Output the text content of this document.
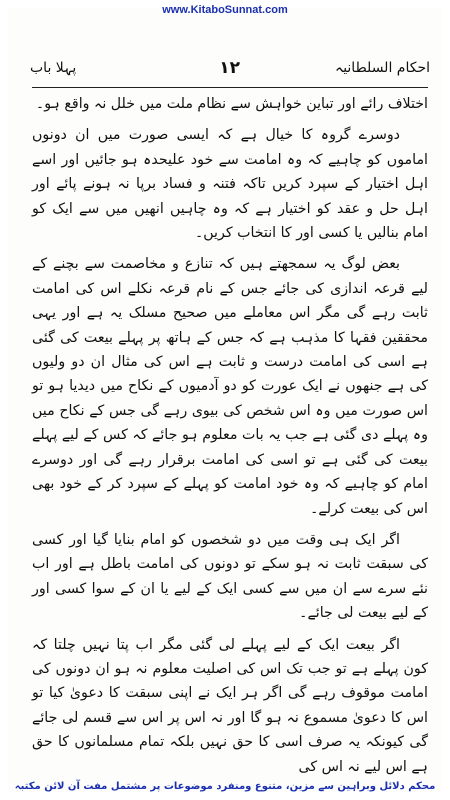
www.KitaboSunnat.com
احکام السلطانیہ
۱۲
پہلا باب

اختلاف رائے اور تباین خواہش سے نظام ملت میں خلل نہ واقع ہو۔

دوسرے گروہ کا خیال ہے کہ ایسی صورت میں ان دونوں اماموں کو چاہیے کہ وہ امامت سے خود علیحدہ ہو جائیں اور اسے اہل اختیار کے سپرد کریں تاکہ فتنہ و فساد برپا نہ ہونے پائے اور اہل حل و عقد کو اختیار ہے کہ وہ چاہیں انھیں میں سے ایک کو امام بنالیں یا کسی اور کا انتخاب کریں۔

بعض لوگ یہ سمجھتے ہیں کہ تنازع و مخاصمت سے بچنے کے لیے قرعہ اندازی کی جائے جس کے نام قرعہ نکلے اس کی امامت ثابت رہے گی مگر اس معاملے میں صحیح مسلک یہ ہے اور یہی محققین فقہا کا مذہب ہے کہ جس کے ہاتھ پر پہلے بیعت کی گئی ہے اسی کی امامت درست و ثابت ہے اس کی مثال ان دو ولیوں کی ہے جنھوں نے ایک عورت کو دو آدمیوں کے نکاح میں دیدیا ہو تو اس صورت میں وہ اس شخص کی بیوی رہے گی جس کے نکاح میں وہ پہلے دی گئی ہے جب یہ بات معلوم ہو جائے کہ کس کے لیے پہلے بیعت کی گئی ہے تو اسی کی امامت برقرار رہے گی اور دوسرے امام کو چاہیے کہ وہ خود امامت کو پہلے کے سپرد کر کے خود بھی اس کی بیعت کرلے۔

اگر ایک ہی وقت میں دو شخصوں کو امام بنایا گیا اور کسی کی سبقت ثابت نہ ہو سکے تو دونوں کی امامت باطل ہے اور اب نئے سرے سے ان میں سے کسی ایک کے لیے یا ان کے سوا کسی اور کے لیے بیعت لی جائے۔

اگر بیعت ایک کے لیے پہلے لی گئی مگر اب پتا نہیں چلتا کہ کون پہلے ہے تو جب تک اس کی اصلیت معلوم نہ ہو ان دونوں کی امامت موقوف رہے گی اگر ہر ایک نے اپنی سبقت کا دعویٰ کیا تو اس کا دعویٰ مسموع نہ ہو گا اور نہ اس پر اس سے قسم لی جائے گی کیونکہ یہ صرف اسی کا حق نہیں بلکہ تمام مسلمانوں کا حق ہے اس لیے نہ اس کی

محکم دلائل وبراہین سے مزین، متنوع ومنفرد موضوعات پر مشتمل مفت آن لائن مکتبہ
